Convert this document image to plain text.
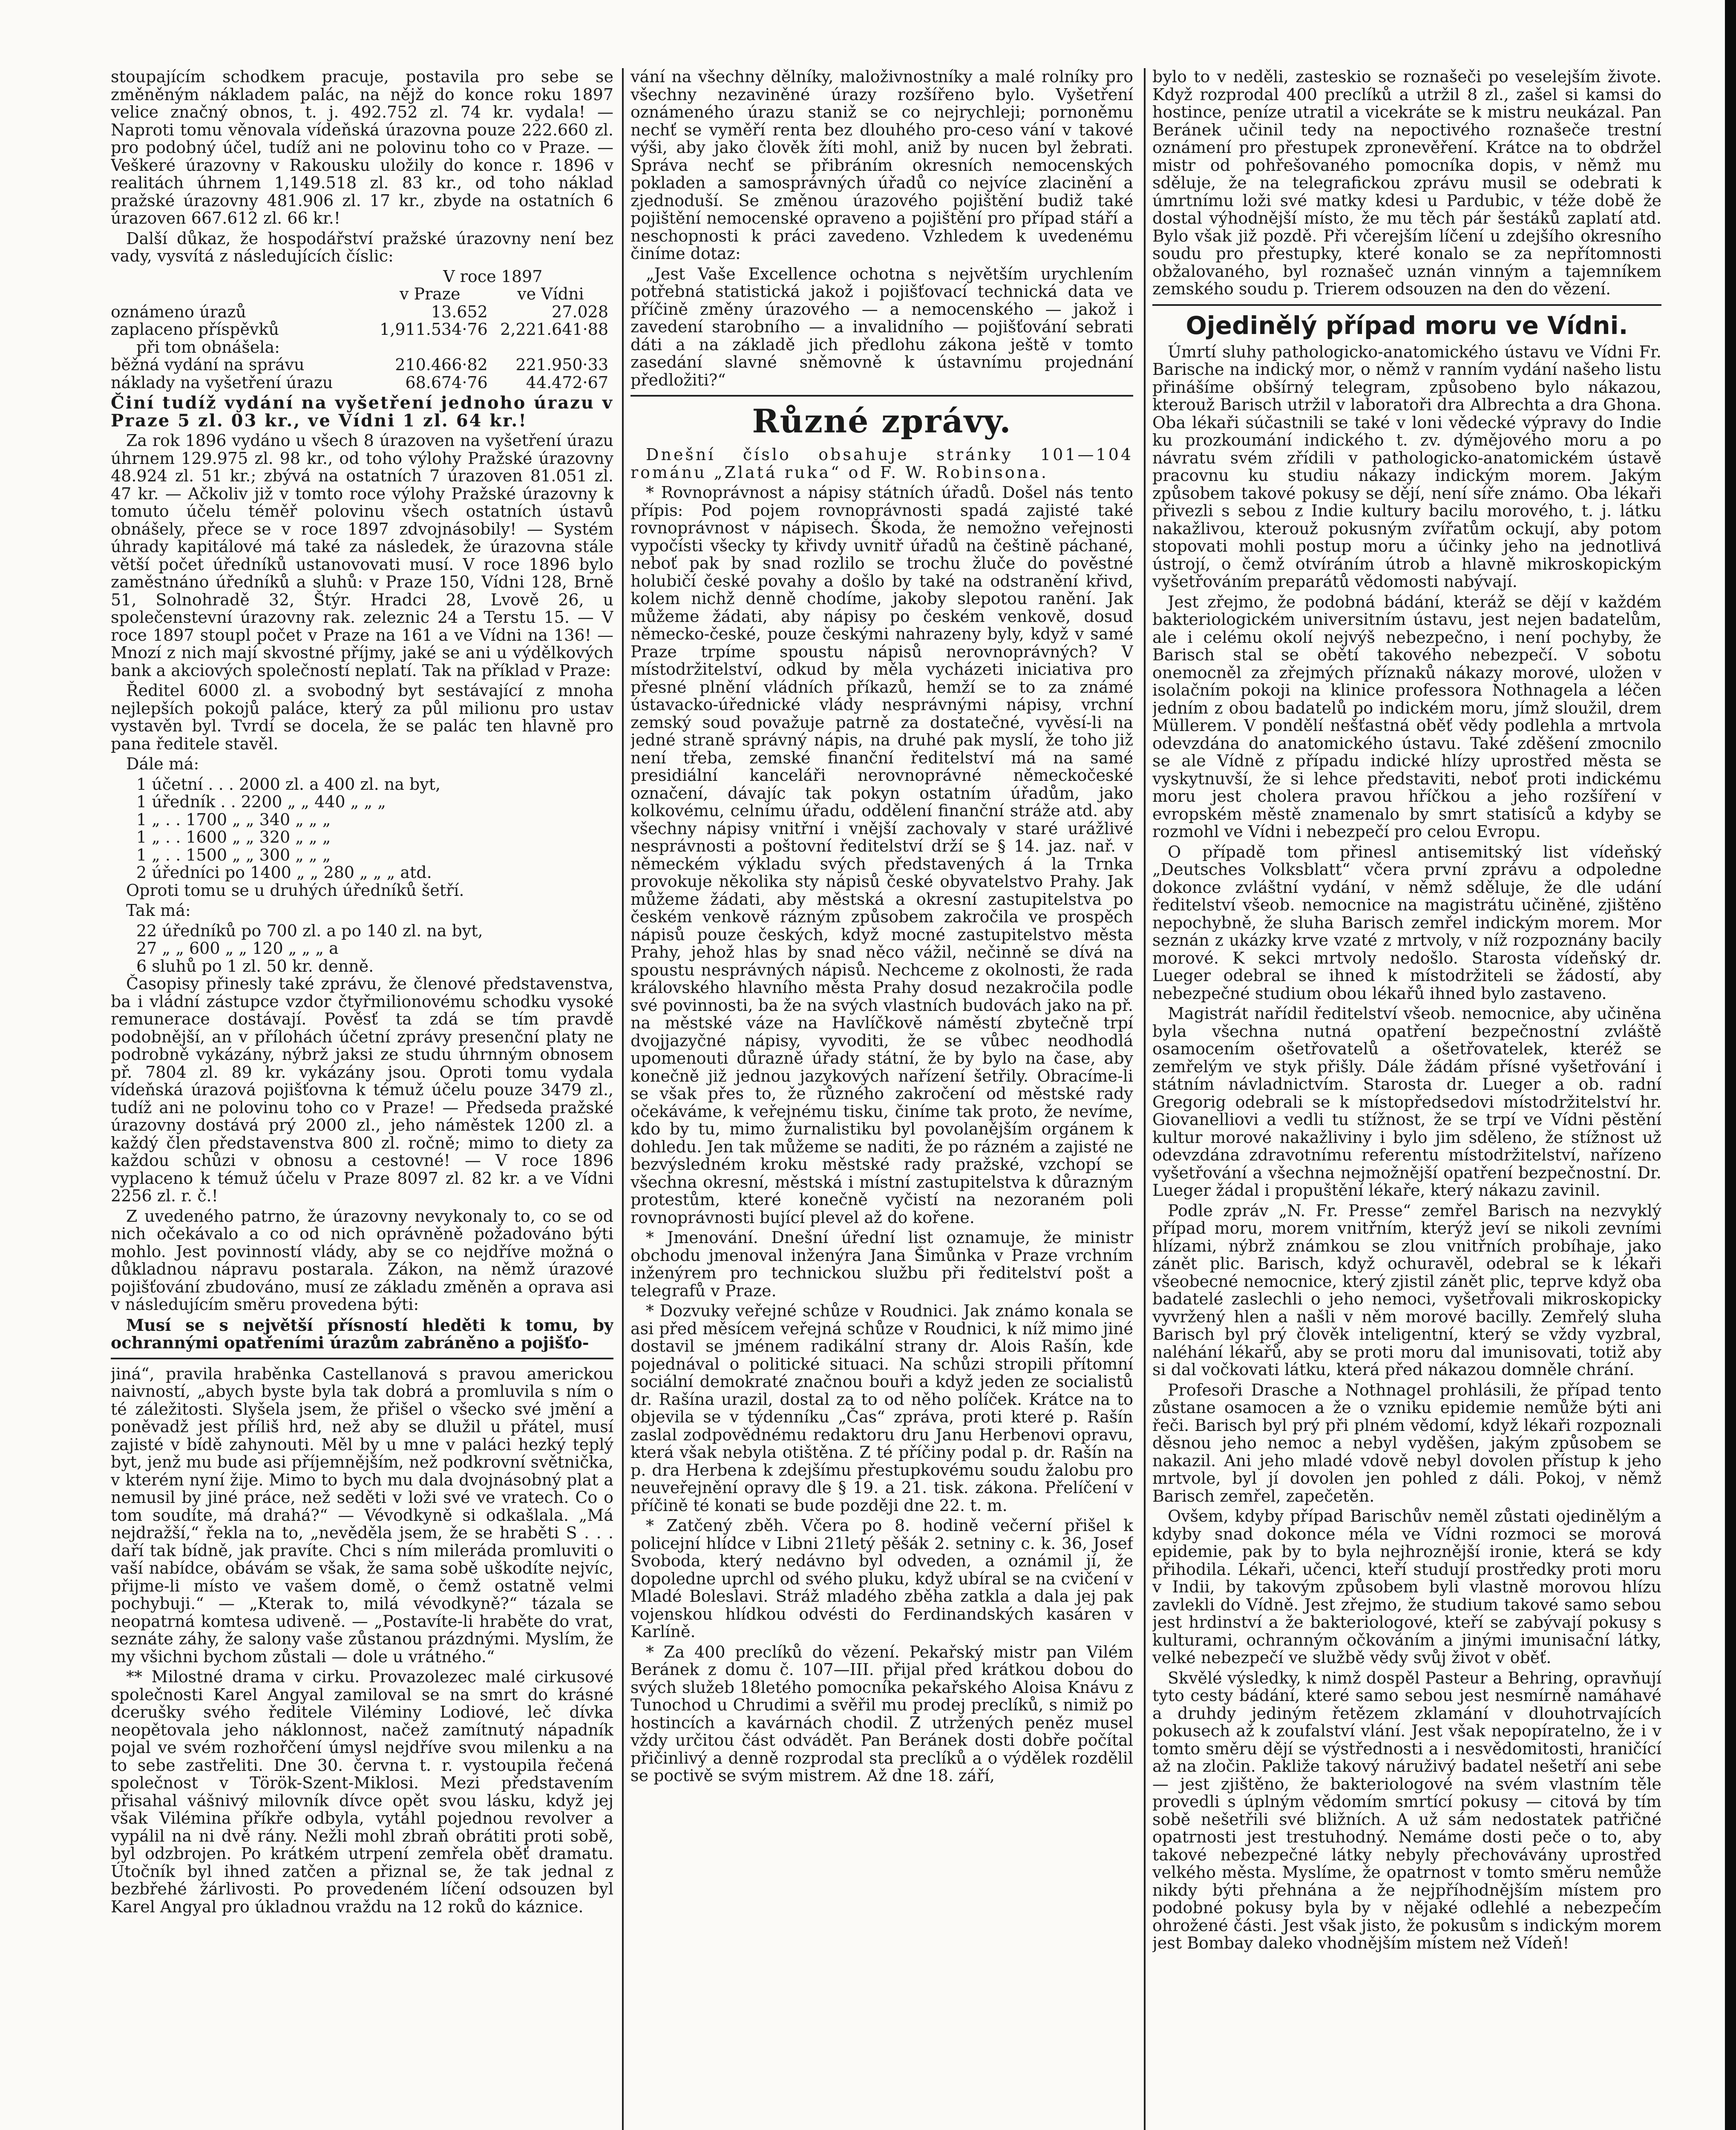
stoupajícím schodkem pracuje, postavila pro sebe se změněným nákladem palác, na nějž do konce roku 1897 velice značný obnos, t. j. 492.752 zl. 74 kr. vydala! — Naproti tomu věnovala vídeňská úrazovna pouze 222.660 zl. pro podobný účel, tudíž ani ne polovinu toho co v Praze. — Veškeré úrazovny v Rakousku uložily do konce r. 1896 v realitách úhrnem 1,149.518 zl. 83 kr., od toho náklad pražské úrazovny 481.906 zl. 17 kr., zbyde na ostatních 6 úrazoven 667.612 zl. 66 kr.!

Další důkaz, že hospodářství pražské úrazovny není bez vady, vysvítá z následujících číslic:

	V roce 1897	
	v Praze	ve Vídni
oznámeno úrazů	13.652	27.028
zaplaceno příspěvků	1,911.534·76	2,221.641·88
při tom obnášela:		
běžná vydání na správu	210.466·82	221.950·33
náklady na vyšetření úrazu	68.674·76	44.472·67

Činí tudíž vydání na vyšetření jednoho úrazu v Praze 5 zl. 03 kr., ve Vídni 1 zl. 64 kr.!

Za rok 1896 vydáno u všech 8 úrazoven na vyšetření úrazu úhrnem 129.975 zl. 98 kr., od toho výlohy Pražské úrazovny 48.924 zl. 51 kr.; zbývá na ostatních 7 úrazoven 81.051 zl. 47 kr. — Ačkoliv již v tomto roce výlohy Pražské úrazovny k tomuto účelu téměř polovinu všech ostatních ústavů obnášely, přece se v roce 1897 zdvojnásobily! — Systém úhrady kapitálové má také za následek, že úrazovna stále větší počet úředníků ustanovovati musí. V roce 1896 bylo zaměstnáno úředníků a sluhů: v Praze 150, Vídni 128, Brně 51, Solnohradě 32, Štýr. Hradci 28, Lvově 26, u společenstevní úrazovny rak. zeleznic 24 a Terstu 15. — V roce 1897 stoupl počet v Praze na 161 a ve Vídni na 136! — Mnozí z nich mají skvostné příjmy, jaké se ani u výdělkových bank a akciových společností neplatí. Tak na příklad v Praze:

Ředitel 6000 zl. a svobodný byt sestávající z mnoha nejlepších pokojů paláce, který za půl milionu pro ustav vystavěn byl. Tvrdí se docela, že se palác ten hlavně pro pana ředitele stavěl.

Dále má:

1 účetní . . . 2000 zl. a 400 zl. na byt,
1 úředník . . 2200 „ „ 440 „ „ „
1 „ . . 1700 „ „ 340 „ „ „
1 „ . . 1600 „ „ 320 „ „ „
1 „ . . 1500 „ „ 300 „ „ „
2 úředníci po 1400 „ „ 280 „ „ „ atd.

Oproti tomu se u druhých úředníků šetří.

Tak má:

22 úředníků po 700 zl. a po 140 zl. na byt,
27 „ „ 600 „ „ 120 „ „ „ a
6 sluhů po 1 zl. 50 kr. denně.

Časopisy přinesly také zprávu, že členové představenstva, ba i vládní zástupce vzdor čtyřmilionovému schodku vysoké remunerace dostávají. Pověsť ta zdá se tím pravdě podobnější, an v přílohách účetní zprávy presenční platy ne podrobně vykázány, nýbrž jaksi ze studu úhrnným obnosem př. 7804 zl. 89 kr. vykázány jsou. Oproti tomu vydala vídeňská úrazová pojišťovna k témuž účelu pouze 3479 zl., tudíž ani ne polovinu toho co v Praze! — Předseda pražské úrazovny dostává prý 2000 zl., jeho náměstek 1200 zl. a každý člen představenstva 800 zl. ročně; mimo to diety za každou schůzi v obnosu a cestovné! — V roce 1896 vyplaceno k témuž účelu v Praze 8097 zl. 82 kr. a ve Vídni 2256 zl. r. č.!

Z uvedeného patrno, že úrazovny nevykonaly to, co se od nich očekávalo a co od nich oprávněně požadováno býti mohlo. Jest povinností vlády, aby se co nejdříve možná o důkladnou nápravu postarala. Zákon, na němž úrazové pojišťování zbudováno, musí ze základu změněn a oprava asi v následujícím směru provedena býti:

Musí se s největší přísností hleděti k tomu, by ochrannými opatřeními úrazům zabráněno a pojišťo-

jiná“, pravila hraběnka Castellanová s pravou americkou naivností, „abych byste byla tak dobrá a promluvila s ním o té záležitosti. Slyšela jsem, že přišel o všecko své jmění a poněvadž jest příliš hrd, než aby se dlužil u přátel, musí zajisté v bídě zahynouti. Měl by u mne v paláci hezký teplý byt, jenž mu bude asi příjemnějším, než podkrovní světnička, v kterém nyní žije. Mimo to bych mu dala dvojnásobný plat a nemusil by jiné práce, než seděti v loži své ve vratech. Co o tom soudíte, má drahá?“ — Vévodkyně si odkašlala. „Má nejdražší,“ řekla na to, „nevěděla jsem, že se hraběti S . . . daří tak bídně, jak pravíte. Chci s ním mileráda promluviti o vaší nabídce, obávám se však, že sama sobě uškodíte nejvíc, přijme-li místo ve vašem domě, o čemž ostatně velmi pochybuji.“ — „Kterak to, milá vévodkyně?“ tázala se neopatrná komtesa udiveně. — „Postavíte-li hraběte do vrat, seznáte záhy, že salony vaše zůstanou prázdnými. Myslím, že my všichni bychom zůstali — dole u vrátného.“

** Milostné drama v cirku. Provazolezec malé cirkusové společnosti Karel Angyal zamiloval se na smrt do krásné dcerušky svého ředitele Viléminy Lodiové, leč dívka neopětovala jeho náklonnost, načež zamítnutý nápadník pojal ve svém rozhořčení úmysl nejdříve svou milenku a na to sebe zastřeliti. Dne 30. června t. r. vystoupila řečená společnost v Török-Szent-Miklosi. Mezi představením přisahal vášnivý milovník dívce opět svou lásku, když jej však Vilémina příkře odbyla, vytáhl pojednou revolver a vypálil na ni dvě rány. Nežli mohl zbraň obrátiti proti sobě, byl odzbrojen. Po krátkém utrpení zemřela oběť dramatu. Útočník byl ihned zatčen a přiznal se, že tak jednal z bezbřehé žárlivosti. Po provedeném líčení odsouzen byl Karel Angyal pro úkladnou vraždu na 12 roků do káznice.

vání na všechny dělníky, maloživnostníky a malé rolníky pro všechny nezaviněné úrazy rozšířeno bylo. Vyšetření oznámeného úrazu staniž se co nejrychleji; pornoněmu nechť se vyměří renta bez dlouhého pro-ceso vání v takové výši, aby jako člověk žíti mohl, aniž by nucen byl žebrati. Správa nechť se přibráním okresních nemocenských pokladen a samosprávných úřadů co nejvíce zlacinění a zjednoduší. Se změnou úrazového pojištění budiž také pojištění nemocenské opraveno a pojištění pro případ stáří a neschopnosti k práci zavedeno. Vzhledem k uvedenému činíme dotaz:

„Jest Vaše Excellence ochotna s největším urychlením potřebná statistická jakož i pojišťovací technická data ve příčině změny úrazového — a nemocenského — jakož i zavedení starobního — a invalidního — pojišťování sebrati dáti a na základě jich předlohu zákona ještě v tomto zasedání slavné sněmovně k ústavnímu projednání předložiti?“

Různé zprávy.

Dnešní číslo obsahuje stránky 101—104 románu „Zlatá ruka“ od F. W. Robinsona.

* Rovnoprávnost a nápisy státních úřadů. Došel nás tento přípis: Pod pojem rovnoprávnosti spadá zajisté také rovnoprávnost v nápisech. Škoda, že nemožno veřejnosti vypočísti všecky ty křivdy uvnitř úřadů na češtině páchané, neboť pak by snad rozlilo se trochu žluče do pověstné holubičí české povahy a došlo by také na odstranění křivd, kolem nichž denně chodíme, jakoby slepotou ranění. Jak můžeme žádati, aby nápisy po českém venkově, dosud německo-české, pouze českými nahrazeny byly, když v samé Praze trpíme spoustu nápisů nerovnoprávných? V místodržitelství, odkud by měla vycházeti iniciativa pro přesné plnění vládních příkazů, hemží se to za známé ústavacko-úřednické vlády nesprávnými nápisy, vrchní zemský soud považuje patrně za dostatečné, vyvěsí-li na jedné straně správný nápis, na druhé pak myslí, že toho již není třeba, zemské finanční ředitelství má na samé presidiální kanceláři nerovnoprávné německočeské označení, dávajíc tak pokyn ostatním úřadům, jako kolkovému, celnímu úřadu, oddělení finanční stráže atd. aby všechny nápisy vnitřní i vnější zachovaly v staré urážlivé nesprávnosti a poštovní ředitelství drží se § 14. jaz. nař. v německém výkladu svých představených á la Trnka provokuje několika sty nápisů české obyvatelstvo Prahy. Jak můžeme žádati, aby městská a okresní zastupitelstva po českém venkově rázným způsobem zakročila ve prospěch nápisů pouze českých, když mocné zastupitelstvo města Prahy, jehož hlas by snad něco vážil, nečinně se dívá na spoustu nesprávných nápisů. Nechceme z okolnosti, že rada královského hlavního města Prahy dosud nezakročila podle své povinnosti, ba že na svých vlastních budovách jako na př. na městské váze na Havlíčkově náměstí zbytečně trpí dvojjazyčné nápisy, vyvoditi, že se vůbec neodhodlá upomenouti důrazně úřady státní, že by bylo na čase, aby konečně již jednou jazykových nařízení šetřily. Obracíme-li se však přes to, že různého zakročení od městské rady očekáváme, k veřejnému tisku, činíme tak proto, že nevíme, kdo by tu, mimo žurnalistiku byl povolanějším orgánem k dohledu. Jen tak můžeme se naditi, že po rázném a zajisté ne bezvýsledném kroku městské rady pražské, vzchopí se všechna okresní, městská i místní zastupitelstva k důrazným protestům, které konečně vyčistí na nezoraném poli rovnoprávnosti bující plevel až do kořene.

* Jmenování. Dnešní úřední list oznamuje, že ministr obchodu jmenoval inženýra Jana Šimůnka v Praze vrchním inženýrem pro technickou službu při ředitelství pošt a telegrafů v Praze.

* Dozvuky veřejné schůze v Roudnici. Jak známo konala se asi před měsícem veřejná schůze v Roudnici, k níž mimo jiné dostavil se jménem radikální strany dr. Alois Rašín, kde pojednával o politické situaci. Na schůzi stropili přítomní sociální demokraté značnou bouři a když jeden ze socialistů dr. Rašína urazil, dostal za to od něho políček. Krátce na to objevila se v týdenníku „Čas“ zpráva, proti které p. Rašín zaslal zodpovědnému redaktoru dru Janu Herbenovi opravu, která však nebyla otištěna. Z té příčiny podal p. dr. Rašín na p. dra Herbena k zdejšímu přestupkovému soudu žalobu pro neuveřejnění opravy dle § 19. a 21. tisk. zákona. Přelíčení v příčině té konati se bude později dne 22. t. m.

* Zatčený zběh. Včera po 8. hodině večerní přišel k policejní hlídce v Libni 21letý pěšák 2. setniny c. k. 36, Josef Svoboda, který nedávno byl odveden, a oznámil jí, že dopoledne uprchl od svého pluku, když ubíral se na cvičení v Mladé Boleslavi. Stráž mladého zběha zatkla a dala jej pak vojenskou hlídkou odvésti do Ferdinandských kasáren v Karlíně.

* Za 400 preclíků do vězení. Pekařský mistr pan Vilém Beránek z domu č. 107—III. přijal před krátkou dobou do svých služeb 18letého pomocníka pekařského Aloisa Knávu z Tunochod u Chrudimi a svěřil mu prodej preclíků, s nimiž po hostincích a kavárnách chodil. Z utržených peněz musel vždy určitou část odvádět. Pan Beránek dosti dobře počítal přičinlivý a denně rozprodal sta preclíků a o výdělek rozdělil se poctivě se svým mistrem. Až dne 18. září,

bylo to v neděli, zasteskio se roznašeči po veselejším živote. Když rozprodal 400 preclíků a utržil 8 zl., zašel si kamsi do hostince, peníze utratil a vicekráte se k mistru neukázal. Pan Beránek učinil tedy na nepoctivého roznašeče trestní oznámení pro přestupek zpronevěření. Krátce na to obdržel mistr od pohřešovaného pomocníka dopis, v němž mu sděluje, že na telegrafickou zprávu musil se odebrati k úmrtnímu loži své matky kdesi u Pardubic, v téže době že dostal výhodnější místo, že mu těch pár šestáků zaplatí atd. Bylo však již pozdě. Při včerejším líčení u zdejšího okresního soudu pro přestupky, které konalo se za nepřítomnosti obžalovaného, byl roznašeč uznán vinným a tajemníkem zemského soudu p. Trierem odsouzen na den do vězení.

Ojedinělý případ moru ve Vídni.

Úmrtí sluhy pathologicko-anatomického ústavu ve Vídni Fr. Barische na indický mor, o němž v ranním vydání našeho listu přinášíme obšírný telegram, způsobeno bylo nákazou, kterouž Barisch utržil v laboratoři dra Albrechta a dra Ghona. Oba lékaři súčastnili se také v loni vědecké výpravy do Indie ku prozkoumání indického t. zv. dýmějového moru a po návratu svém zřídili v pathologicko-anatomickém ústavě pracovnu ku studiu nákazy indickým morem. Jakým způsobem takové pokusy se dějí, není síře známo. Oba lékaři přivezli s sebou z Indie kultury bacilu morového, t. j. látku nakažlivou, kterouž pokusným zvířatům ockují, aby potom stopovati mohli postup moru a účinky jeho na jednotlivá ústrojí, o čemž otvíráním útrob a hlavně mikroskopickým vyšetřováním preparátů vědomosti nabývají.

Jest zřejmo, že podobná bádání, kteráž se dějí v každém bakteriologickém universitním ústavu, jest nejen badatelům, ale i celému okolí nejvýš nebezpečno, i není pochyby, že Barisch stal se obětí takového nebezpečí. V sobotu onemocněl za zřejmých příznaků nákazy morové, uložen v isolačním pokoji na klinice professora Nothnagela a léčen jedním z obou badatelů po indickém moru, jímž sloužil, drem Müllerem. V pondělí nešťastná oběť vědy podlehla a mrtvola odevzdána do anatomického ústavu. Také zděšení zmocnilo se ale Vídně z případu indické hlízy uprostřed města se vyskytnuvší, že si lehce představiti, neboť proti indickému moru jest cholera pravou hříčkou a jeho rozšíření v evropském městě znamenalo by smrt statisíců a kdyby se rozmohl ve Vídni i nebezpečí pro celou Evropu.

O případě tom přinesl antisemitský list vídeňský „Deutsches Volksblatt“ včera první zprávu a odpoledne dokonce zvláštní vydání, v němž sděluje, že dle udání ředitelství všeob. nemocnice na magistrátu učiněné, zjištěno nepochybně, že sluha Barisch zemřel indickým morem. Mor seznán z ukázky krve vzaté z mrtvoly, v níž rozpoznány bacily morové. K sekci mrtvoly nedošlo. Starosta vídeňský dr. Lueger odebral se ihned k místodržiteli se žádostí, aby nebezpečné studium obou lékařů ihned bylo zastaveno.

Magistrát nařídil ředitelství všeob. nemocnice, aby učiněna byla všechna nutná opatření bezpečnostní zvláště osamocením ošetřovatelů a ošetřovatelek, kteréž se zemřelým ve styk přišly. Dále žádám přísné vyšetřování i státním návladnictvím. Starosta dr. Lueger a ob. radní Gregorig odebrali se k místopředsedovi místodržitelství hr. Giovanelliovi a vedli tu stížnost, že se trpí ve Vídni pěstění kultur morové nakažliviny i bylo jim sděleno, že stížnost už odevzdána zdravotnímu referentu místodržitelství, nařízeno vyšetřování a všechna nejmožnější opatření bezpečnostní. Dr. Lueger žádal i propuštění lékaře, který nákazu zavinil.

Podle zpráv „N. Fr. Presse“ zemřel Barisch na nezvyklý případ moru, morem vnitřním, kterýž jeví se nikoli zevními hlízami, nýbrž známkou se zlou vnitřních probíhaje, jako zánět plic. Barisch, když ochuravěl, odebral se k lékaři všeobecné nemocnice, který zjistil zánět plic, teprve když oba badatelé zaslechli o jeho nemoci, vyšetřovali mikroskopicky vyvržený hlen a našli v něm morové bacilly. Zemřelý sluha Barisch byl prý člověk inteligentní, který se vždy vyzbral, naléhání lékařů, aby se proti moru dal imunisovati, totiž aby si dal vočkovati látku, která před nákazou domněle chrání.

Profesoři Drasche a Nothnagel prohlásili, že případ tento zůstane osamocen a že o vzniku epidemie nemůže býti ani řeči. Barisch byl prý při plném vědomí, když lékaři rozpoznali děsnou jeho nemoc a nebyl vyděšen, jakým způsobem se nakazil. Ani jeho mladé vdově nebyl dovolen přístup k jeho mrtvole, byl jí dovolen jen pohled z dáli. Pokoj, v němž Barisch zemřel, zapečetěn.

Ovšem, kdyby případ Barischův neměl zůstati ojedinělým a kdyby snad dokonce méla ve Vídni rozmoci se morová epidemie, pak by to byla nejhroznější ironie, která se kdy přihodila. Lékaři, učenci, kteří studují prostředky proti moru v Indii, by takovým způsobem byli vlastně morovou hlízu zavlekli do Vídně. Jest zřejmo, že studium takové samo sebou jest hrdinství a že bakteriologové, kteří se zabývají pokusy s kulturami, ochranným očkováním a jinými imunisační látky, velké nebezpečí ve službě vědy svůj život v oběť.

Skvělé výsledky, k nimž dospěl Pasteur a Behring, opravňují tyto cesty bádání, které samo sebou jest nesmírně namáhavé a druhdy jediným řetězem zklamání v dlouhotrvajících pokusech až k zoufalství vlání. Jest však nepopíratelno, že i v tomto směru dějí se výstřednosti a i nesvědomitosti, hraničící až na zločin. Pakliže takový náruživý badatel nešetří ani sebe — jest zjištěno, že bakteriologové na svém vlastním těle provedli s úplným vědomím smrtící pokusy — citová by tím sobě nešetřili své bližních. A už sám nedostatek patřičné opatrnosti jest trestuhodný. Nemáme dosti peče o to, aby takové nebezpečné látky nebyly přechovávány uprostřed velkého města. Myslíme, že opatrnost v tomto směru nemůže nikdy býti přehnána a že nejpříhodnějším místem pro podobné pokusy byla by v nějaké odlehlé a nebezpečím ohrožené části. Jest však jisto, že pokusům s indickým morem jest Bombay daleko vhodnějším místem než Vídeň!
